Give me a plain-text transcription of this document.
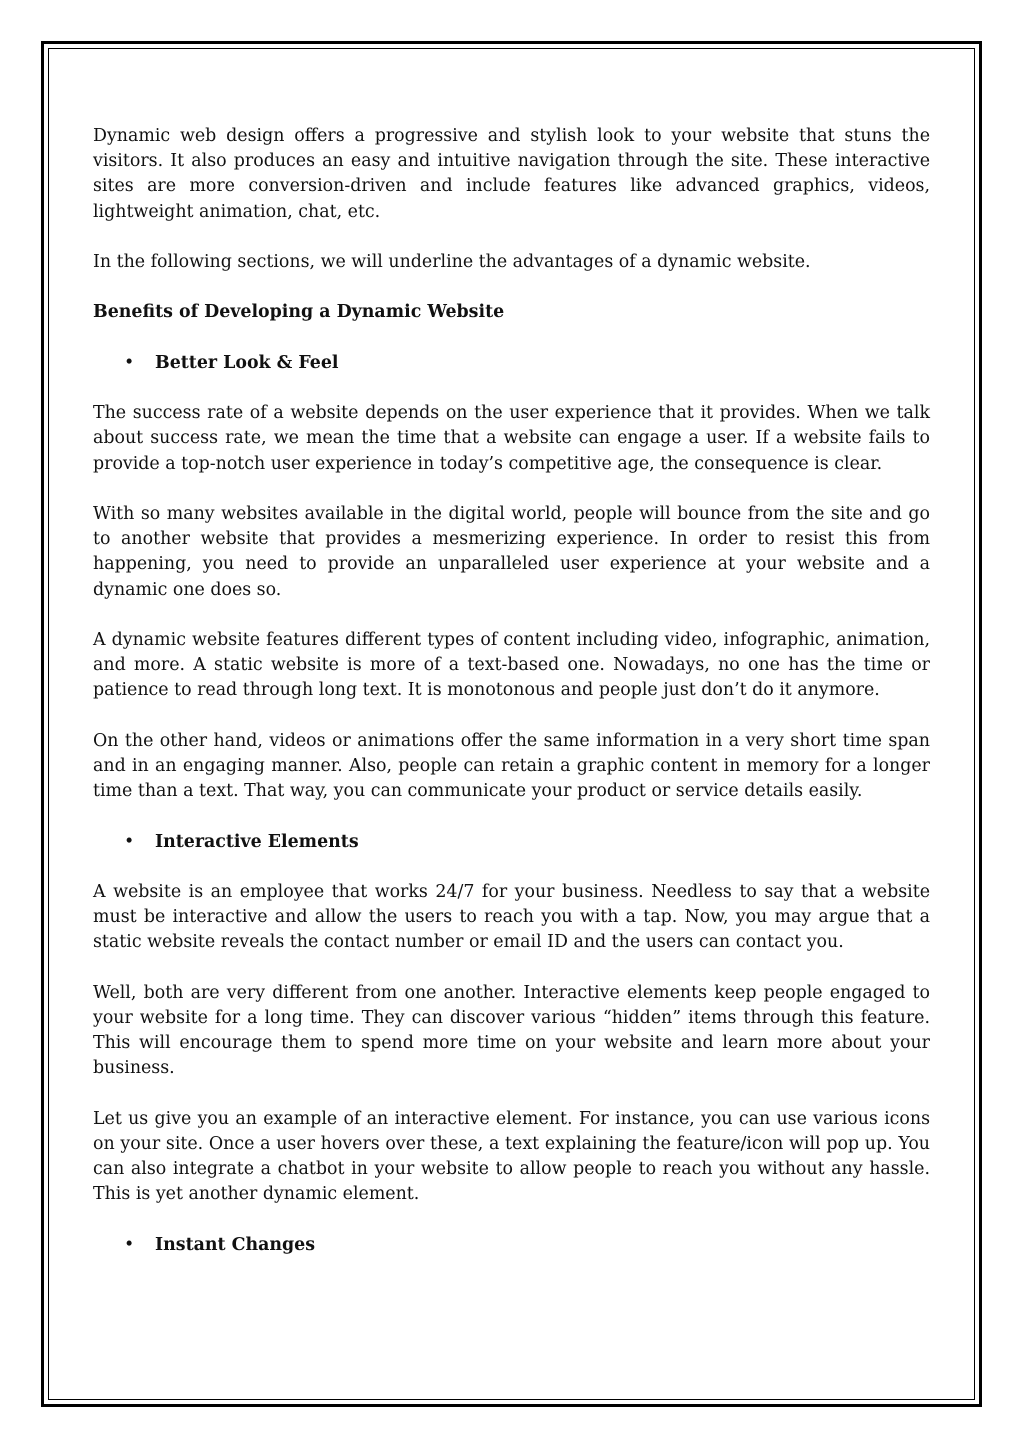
Dynamic web design offers a progressive and stylish look to your website that stuns the visitors. It also produces an easy and intuitive navigation through the site. These interactive sites are more conversion-driven and include features like advanced graphics, videos, lightweight animation, chat, etc.

In the following sections, we will underline the advantages of a dynamic website.

Benefits of Developing a Dynamic Website
• Better Look & Feel

The success rate of a website depends on the user experience that it provides. When we talk about success rate, we mean the time that a website can engage a user. If a website fails to provide a top-notch user experience in today’s competitive age, the consequence is clear.

With so many websites available in the digital world, people will bounce from the site and go to another website that provides a mesmerizing experience. In order to resist this from happening, you need to provide an unparalleled user experience at your website and a dynamic one does so.

A dynamic website features different types of content including video, infographic, animation, and more. A static website is more of a text-based one. Nowadays, no one has the time or patience to read through long text. It is monotonous and people just don’t do it anymore.

On the other hand, videos or animations offer the same information in a very short time span and in an engaging manner. Also, people can retain a graphic content in memory for a longer time than a text. That way, you can communicate your product or service details easily.

• Interactive Elements

A website is an employee that works 24/7 for your business. Needless to say that a website must be interactive and allow the users to reach you with a tap. Now, you may argue that a static website reveals the contact number or email ID and the users can contact you.

Well, both are very different from one another. Interactive elements keep people engaged to your website for a long time. They can discover various “hidden” items through this feature. This will encourage them to spend more time on your website and learn more about your business.

Let us give you an example of an interactive element. For instance, you can use various icons on your site. Once a user hovers over these, a text explaining the feature/icon will pop up. You can also integrate a chatbot in your website to allow people to reach you without any hassle. This is yet another dynamic element.

• Instant Changes
